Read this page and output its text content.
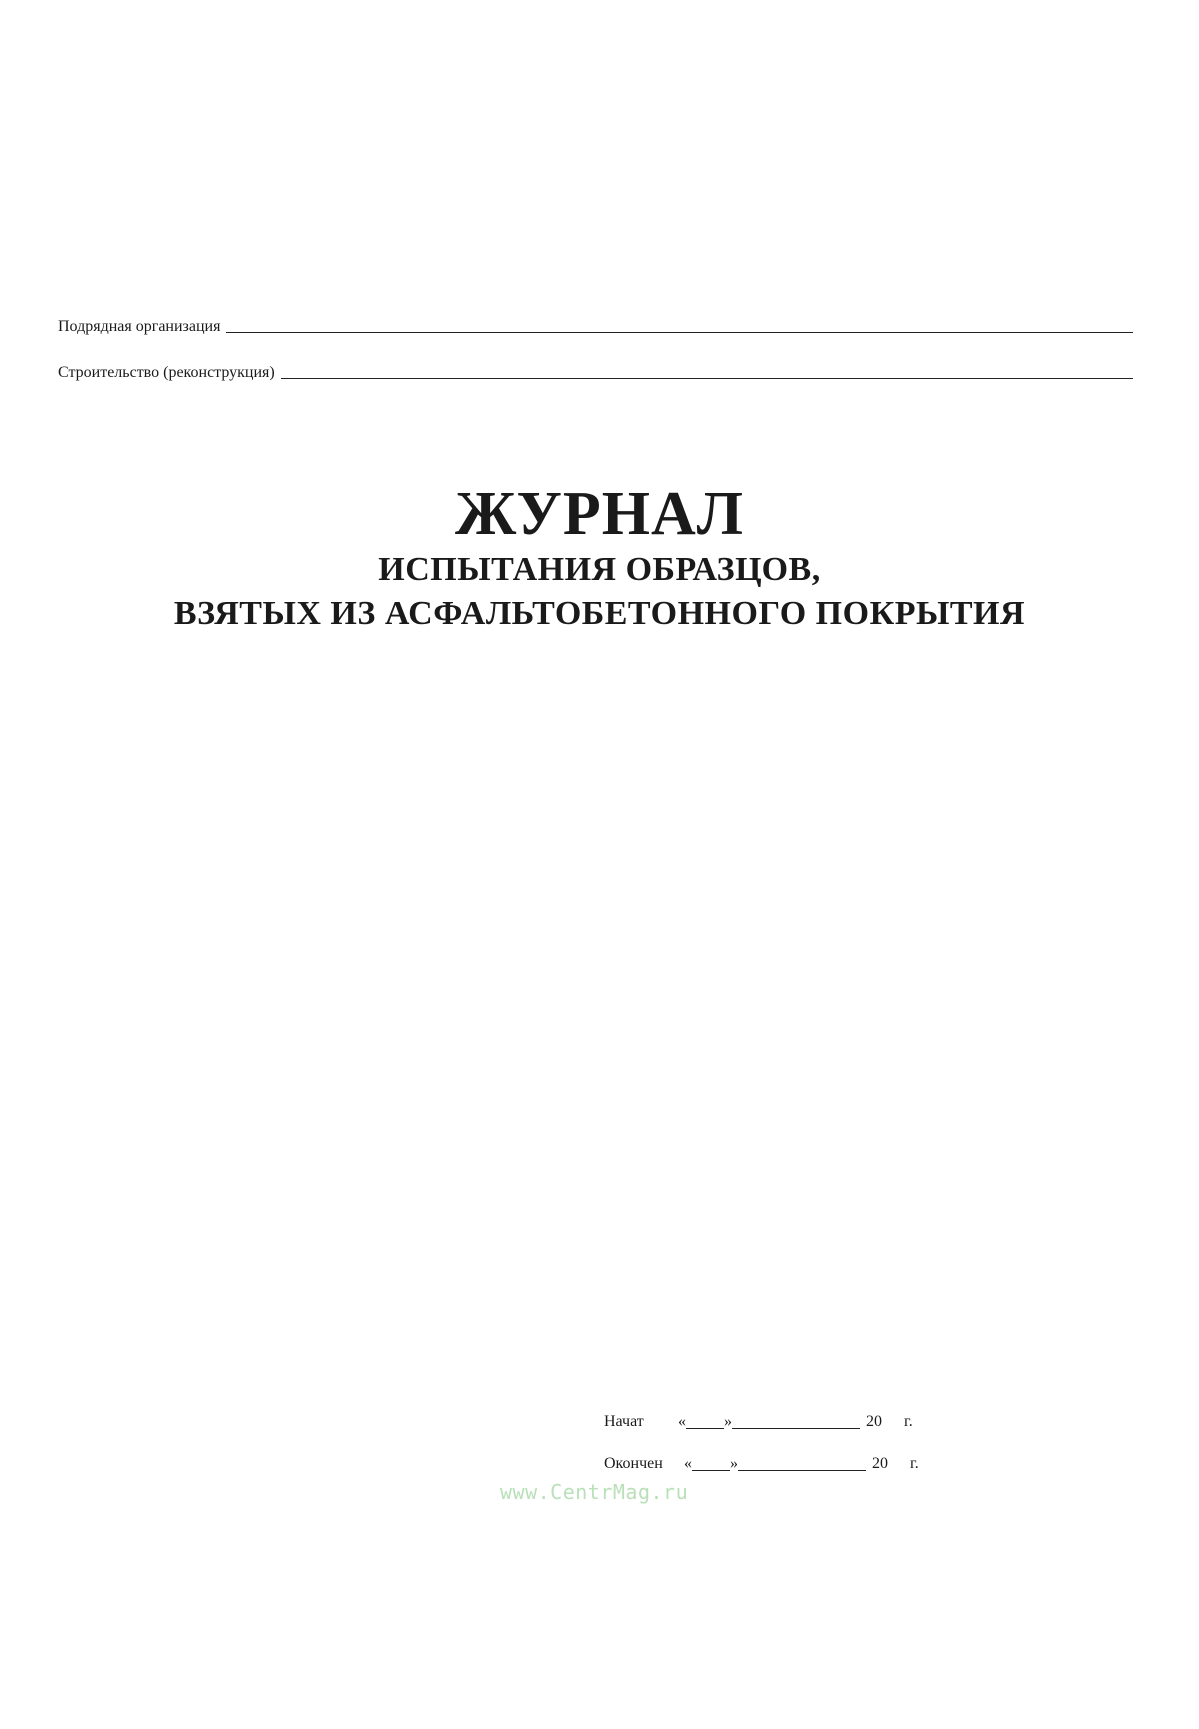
Подрядная организация
Строительство (реконструкция)
ЖУРНАЛ
ИСПЫТАНИЯ ОБРАЗЦОВ,
ВЗЯТЫХ ИЗ АСФАЛЬТОБЕТОННОГО ПОКРЫТИЯ
Начат	« »	20 г.
Окончен	« »	20 г.
www.CentrMag.ru
